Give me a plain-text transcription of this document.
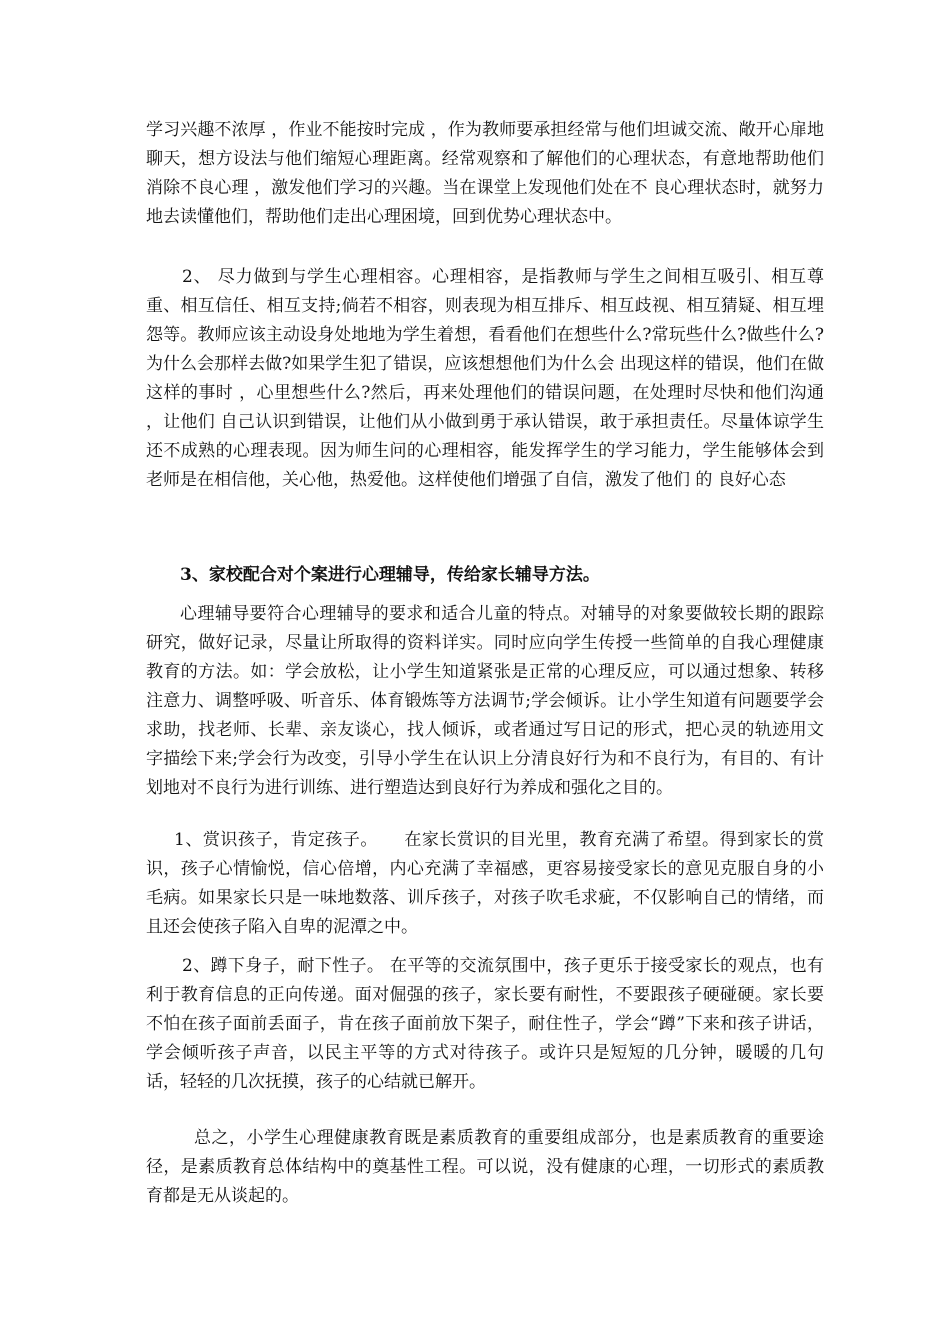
学习兴趣不浓厚 ，作业不能按时完成 ，作为教师要承担经常与他们坦诚交流、敞开心扉地聊天，想方设法与他们缩短心理距离。经常观察和了解他们的心理状态，有意地帮助他们消除不良心理 ，激发他们学习的兴趣。当在课堂上发现他们处在不 良心理状态时，就努力地去读懂他们，帮助他们走出心理困境，回到优势心理状态中。

2、 尽力做到与学生心理相容。心理相容，是指教师与学生之间相互吸引、相互尊重、相互信任、相互支持;倘若不相容，则表现为相互排斥、相互歧视、相互猜疑、相互埋怨等。教师应该主动设身处地地为学生着想，看看他们在想些什么?常玩些什么?做些什么?为什么会那样去做?如果学生犯了错误，应该想想他们为什么会 出现这样的错误，他们在做这样的事时 ，心里想些什么?然后，再来处理他们的错误问题，在处理时尽快和他们沟通 ，让他们 自己认识到错误，让他们从小做到勇于承认错误，敢于承担责任。尽量体谅学生还不成熟的心理表现。因为师生问的心理相容，能发挥学生的学习能力，学生能够体会到老师是在相信他，关心他，热爱他。这样使他们增强了自信，激发了他们 的 良好心态

3、家校配合对个案进行心理辅导，传给家长辅导方法。

心理辅导要符合心理辅导的要求和适合儿童的特点。对辅导的对象要做较长期的跟踪研究，做好记录，尽量让所取得的资料详实。同时应向学生传授一些简单的自我心理健康教育的方法。如：学会放松，让小学生知道紧张是正常的心理反应，可以通过想象、转移注意力、调整呼吸、听音乐、体育锻炼等方法调节;学会倾诉。让小学生知道有问题要学会求助，找老师、长辈、亲友谈心，找人倾诉，或者通过写日记的形式，把心灵的轨迹用文字描绘下来;学会行为改变，引导小学生在认识上分清良好行为和不良行为，有目的、有计划地对不良行为进行训练、进行塑造达到良好行为养成和强化之目的。

1、赏识孩子，肯定孩子。　　在家长赏识的目光里，教育充满了希望。得到家长的赏识，孩子心情愉悦，信心倍增，内心充满了幸福感，更容易接受家长的意见克服自身的小毛病。如果家长只是一味地数落、训斥孩子，对孩子吹毛求疵，不仅影响自己的情绪，而且还会使孩子陷入自卑的泥潭之中。

2、蹲下身子，耐下性子。 在平等的交流氛围中，孩子更乐于接受家长的观点，也有利于教育信息的正向传递。面对倔强的孩子，家长要有耐性，不要跟孩子硬碰硬。家长要不怕在孩子面前丢面子，肯在孩子面前放下架子，耐住性子，学会“蹲”下来和孩子讲话，学会倾听孩子声音，以民主平等的方式对待孩子。或许只是短短的几分钟，暖暖的几句话，轻轻的几次抚摸，孩子的心结就已解开。

总之，小学生心理健康教育既是素质教育的重要组成部分，也是素质教育的重要途径，是素质教育总体结构中的奠基性工程。可以说，没有健康的心理，一切形式的素质教育都是无从谈起的。
